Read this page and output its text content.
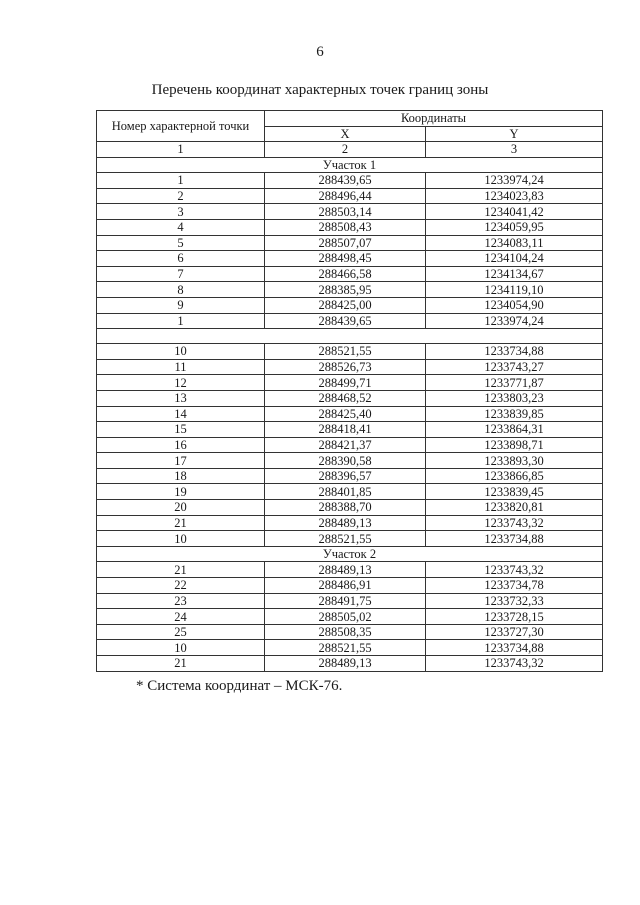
6
Перечень координат характерных точек границ зоны
Номер характерной точки	Координаты	
	X	Y
1	2	3
Участок 1		
1	288439,65	1233974,24
2	288496,44	1234023,83
3	288503,14	1234041,42
4	288508,43	1234059,95
5	288507,07	1234083,11
6	288498,45	1234104,24
7	288466,58	1234134,67
8	288385,95	1234119,10
9	288425,00	1234054,90
1	288439,65	1233974,24

10	288521,55	1233734,88
11	288526,73	1233743,27
12	288499,71	1233771,87
13	288468,52	1233803,23
14	288425,40	1233839,85
15	288418,41	1233864,31
16	288421,37	1233898,71
17	288390,58	1233893,30
18	288396,57	1233866,85
19	288401,85	1233839,45
20	288388,70	1233820,81
21	288489,13	1233743,32
10	288521,55	1233734,88
Участок 2		
21	288489,13	1233743,32
22	288486,91	1233734,78
23	288491,75	1233732,33
24	288505,02	1233728,15
25	288508,35	1233727,30
10	288521,55	1233734,88
21	288489,13	1233743,32
* Система координат – МСК-76.
